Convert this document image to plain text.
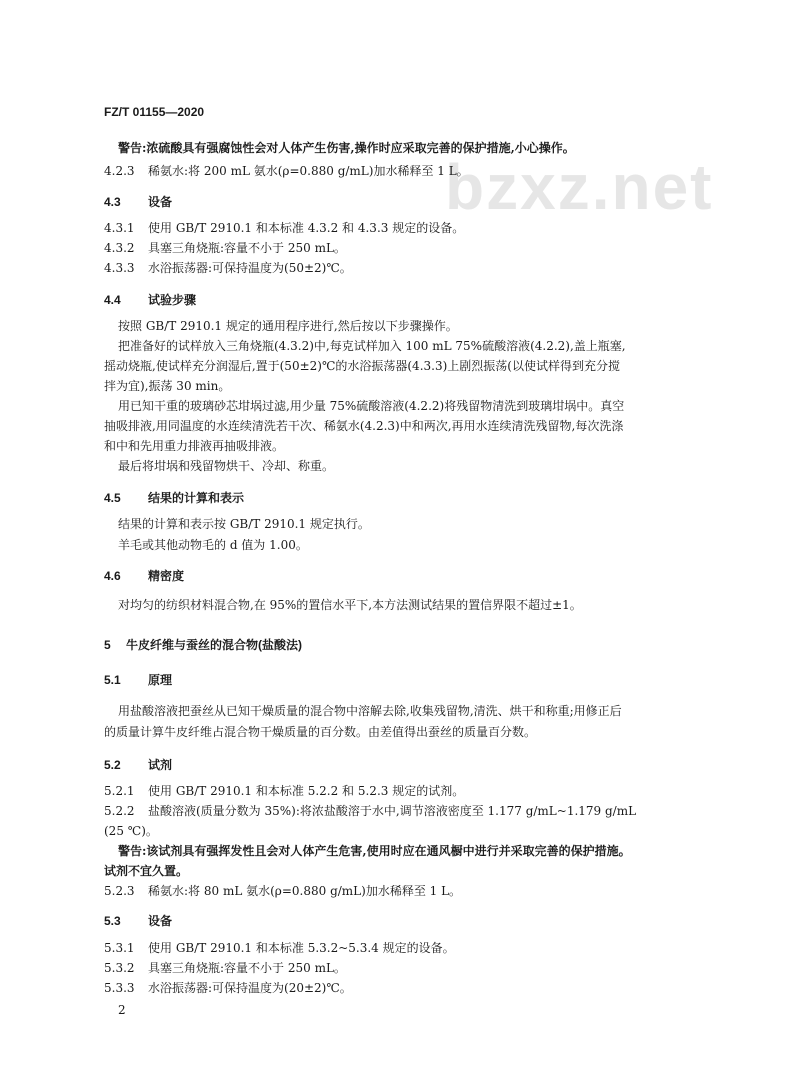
bzxz.net
FZ/T 01155—2020
警告:浓硫酸具有强腐蚀性会对人体产生伤害,操作时应采取完善的保护措施,小心操作。
4.2.3 稀氨水:将 200 mL 氨水(ρ=0.880 g/mL)加水稀释至 1 L。
4.3 设备
4.3.1 使用 GB/T 2910.1 和本标准 4.3.2 和 4.3.3 规定的设备。
4.3.2 具塞三角烧瓶:容量不小于 250 mL。
4.3.3 水浴振荡器:可保持温度为(50±2)℃。
4.4 试验步骤
按照 GB/T 2910.1 规定的通用程序进行,然后按以下步骤操作。
把准备好的试样放入三角烧瓶(4.3.2)中,每克试样加入 100 mL 75%硫酸溶液(4.2.2),盖上瓶塞,
摇动烧瓶,使试样充分润湿后,置于(50±2)℃的水浴振荡器(4.3.3)上剧烈振荡(以使试样得到充分搅
拌为宜),振荡 30 min。
用已知干重的玻璃砂芯坩埚过滤,用少量 75%硫酸溶液(4.2.2)将残留物清洗到玻璃坩埚中。真空
抽吸排液,用同温度的水连续清洗若干次、稀氨水(4.2.3)中和两次,再用水连续清洗残留物,每次洗涤
和中和先用重力排液再抽吸排液。
最后将坩埚和残留物烘干、冷却、称重。
4.5 结果的计算和表示
结果的计算和表示按 GB/T 2910.1 规定执行。
羊毛或其他动物毛的 d 值为 1.00。
4.6 精密度
对均匀的纺织材料混合物,在 95%的置信水平下,本方法测试结果的置信界限不超过±1。
5 牛皮纤维与蚕丝的混合物(盐酸法)
5.1 原理
用盐酸溶液把蚕丝从已知干燥质量的混合物中溶解去除,收集残留物,清洗、烘干和称重;用修正后
的质量计算牛皮纤维占混合物干燥质量的百分数。由差值得出蚕丝的质量百分数。
5.2 试剂
5.2.1 使用 GB/T 2910.1 和本标准 5.2.2 和 5.2.3 规定的试剂。
5.2.2 盐酸溶液(质量分数为 35%):将浓盐酸溶于水中,调节溶液密度至 1.177 g/mL~1.179 g/mL
(25 ℃)。
警告:该试剂具有强挥发性且会对人体产生危害,使用时应在通风橱中进行并采取完善的保护措施。
试剂不宜久置。
5.2.3 稀氨水:将 80 mL 氨水(ρ=0.880 g/mL)加水稀释至 1 L。
5.3 设备
5.3.1 使用 GB/T 2910.1 和本标准 5.3.2~5.3.4 规定的设备。
5.3.2 具塞三角烧瓶:容量不小于 250 mL。
5.3.3 水浴振荡器:可保持温度为(20±2)℃。
2
